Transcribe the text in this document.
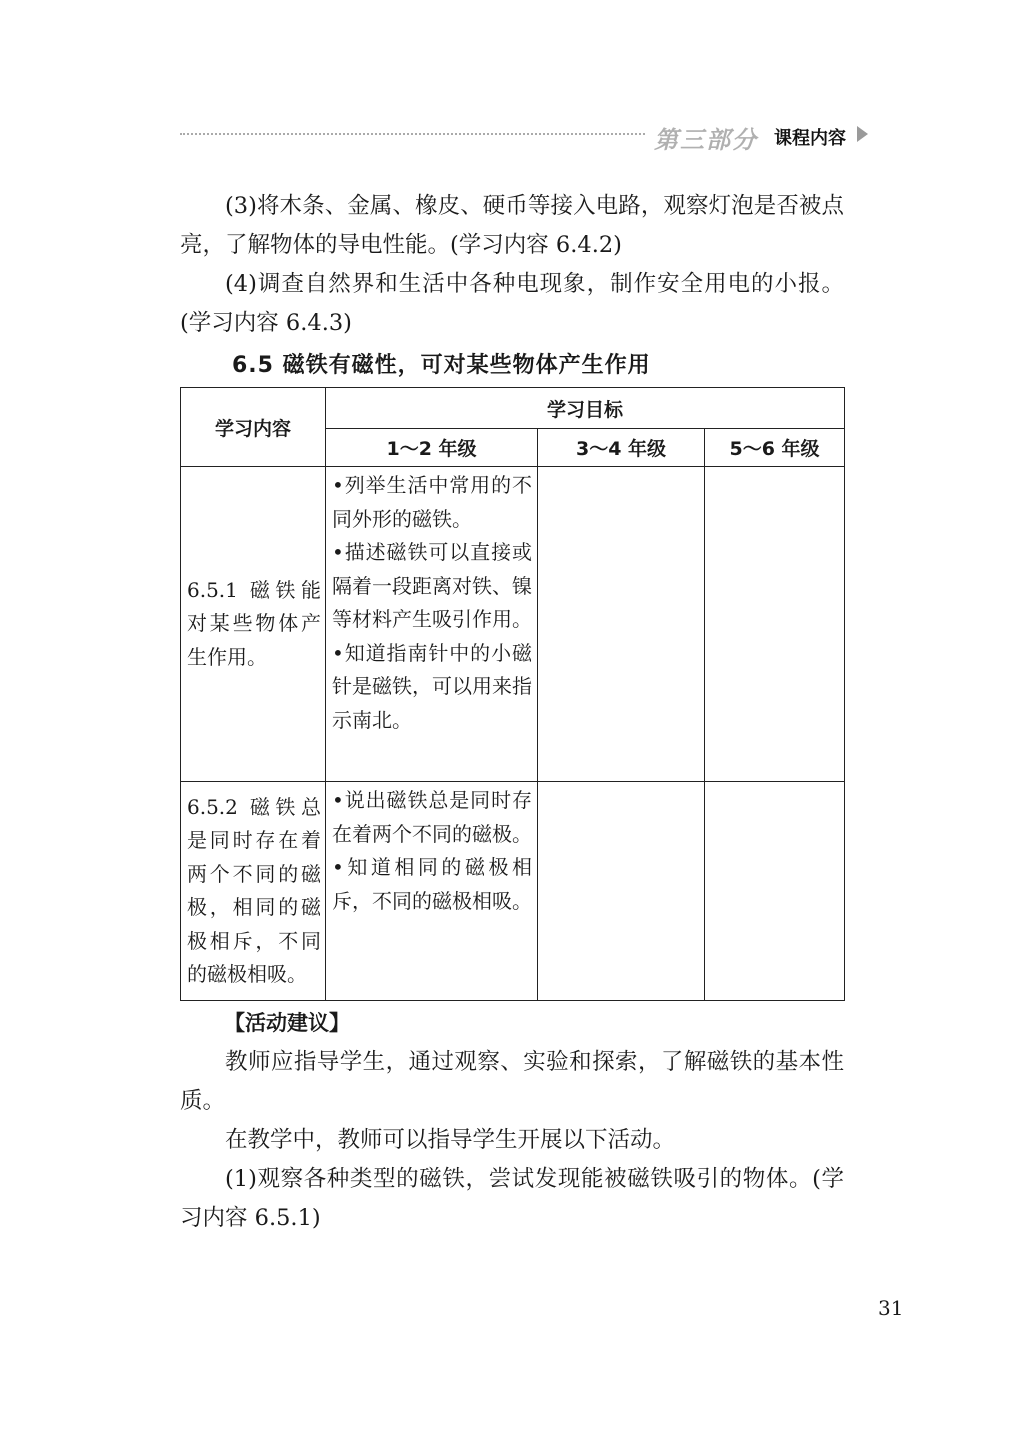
第三部分 课程内容

(3)将木条、金属、橡皮、硬币等接入电路，观察灯泡是否被点亮，了解物体的导电性能。(学习内容 6.4.2)

(4)调查自然界和生活中各种电现象，制作安全用电的小报。(学习内容 6.4.3)

6.5 磁铁有磁性，可对某些物体产生作用

学习内容	学习目标		
	1～2 年级	3～4 年级	5～6 年级
6.5.1 磁铁能对某些物体产生作用。	•列举生活中常用的不同外形的磁铁。

•描述磁铁可以直接或隔着一段距离对铁、镍等材料产生吸引作用。

•知道指南针中的小磁针是磁铁，可以用来指示南北。		

6.5.2 磁铁总是同时存在着两个不同的磁极，相同的磁极相斥，不同的磁极相吸。	•说出磁铁总是同时存在着两个不同的磁极。

•知道相同的磁极相斥，不同的磁极相吸。		

【活动建议】

教师应指导学生，通过观察、实验和探索，了解磁铁的基本性质。

在教学中，教师可以指导学生开展以下活动。

(1)观察各种类型的磁铁，尝试发现能被磁铁吸引的物体。(学习内容 6.5.1)

31
